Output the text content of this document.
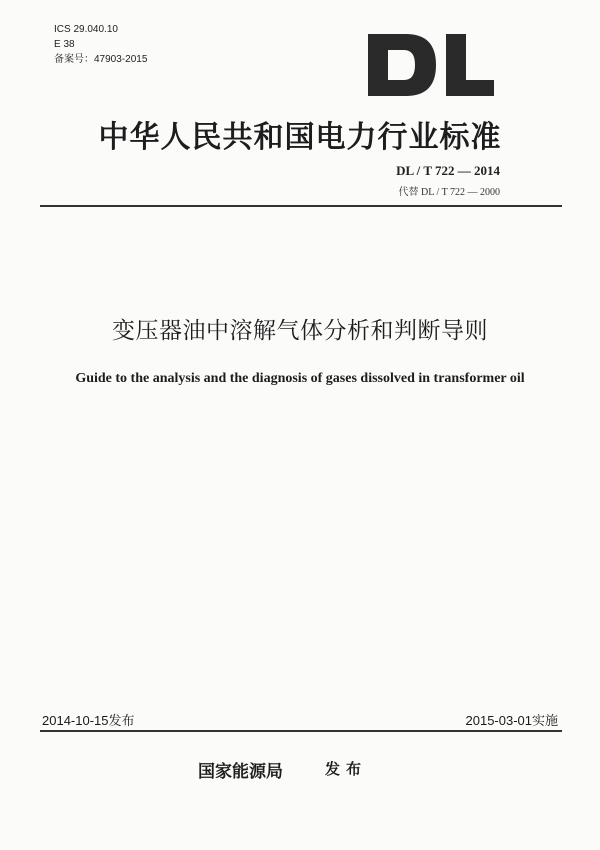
ICS 29.040.10
E 38
备案号：47903-2015
中华人民共和国电力行业标准
DL / T 722 — 2014
代替 DL / T 722 — 2000
变压器油中溶解气体分析和判断导则
Guide to the analysis and the diagnosis of gases dissolved in transformer oil
2014-10-15发布	2015-03-01实施
国家能源局	发布
